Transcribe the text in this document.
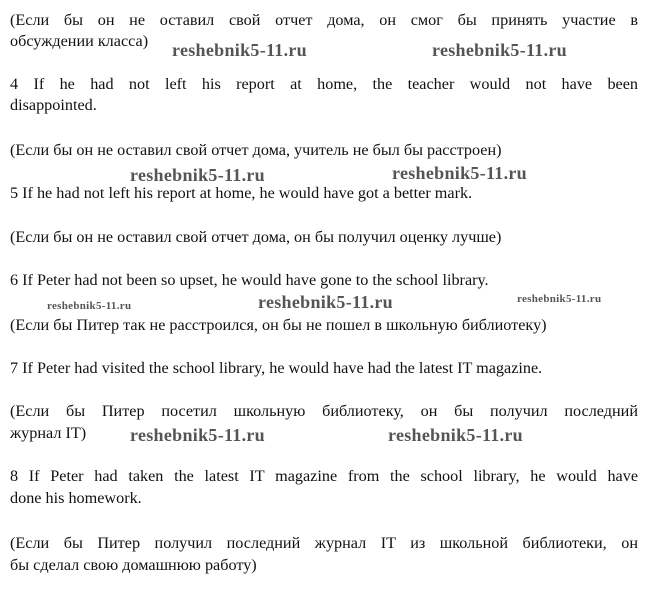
(Если бы он не оставил свой отчет дома, он смог бы принять участие в
обсуждении класса)
4 If he had not left his report at home, the teacher would not have been
disappointed.
(Если бы он не оставил свой отчет дома, учитель не был бы расстроен)
5 If he had not left his report at home, he would have got a better mark.
(Если бы он не оставил свой отчет дома, он бы получил оценку лучше)
6 If Peter had not been so upset, he would have gone to the school library.
(Если бы Питер так не расстроился, он бы не пошел в школьную библиотеку)
7 If Peter had visited the school library, he would have had the latest IT magazine.
(Если бы Питер посетил школьную библиотеку, он бы получил последний
журнал IT)
8 If Peter had taken the latest IT magazine from the school library, he would have
done his homework.
(Если бы Питер получил последний журнал IT из школьной библиотеки, он
бы сделал свою домашнюю работу)
reshebnik5-11.ru	reshebnik5-11.ru
reshebnik5-11.ru	reshebnik5-11.ru
reshebnik5-11.ru	reshebnik5-11.ru	reshebnik5-11.ru
reshebnik5-11.ru	reshebnik5-11.ru
